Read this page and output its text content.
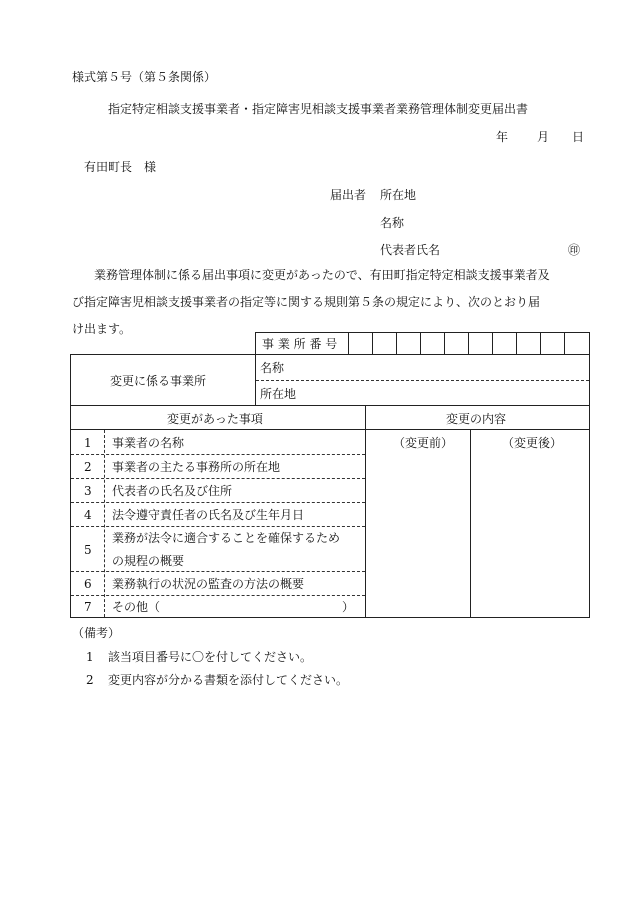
様式第５号（第５条関係）
指定特定相談支援事業者・指定障害児相談支援事業者業務管理体制変更届出書
年 月 日
有田町長　様
届出者 所在地
名称
代表者氏名	㊞
業務管理体制に係る届出事項に変更があったので、有田町指定特定相談支援事業者及
び指定障害児相談支援事業者の指定等に関する規則第５条の規定により、次のとおり届
け出ます。
事 業 所 番 号
変更に係る事業所
名称
所在地
変更があった事項	変更の内容
（変更前）	（変更後）
1 事業者の名称
2 事業者の主たる事務所の所在地
3 代表者の氏名及び住所
4 法令遵守責任者の氏名及び生年月日
5
業務が法令に適合することを確保するため
の規程の概要
6 業務執行の状況の監査の方法の概要
7 その他（	）
（備考）
1 該当項目番号に〇を付してください。
2 変更内容が分かる書類を添付してください。
